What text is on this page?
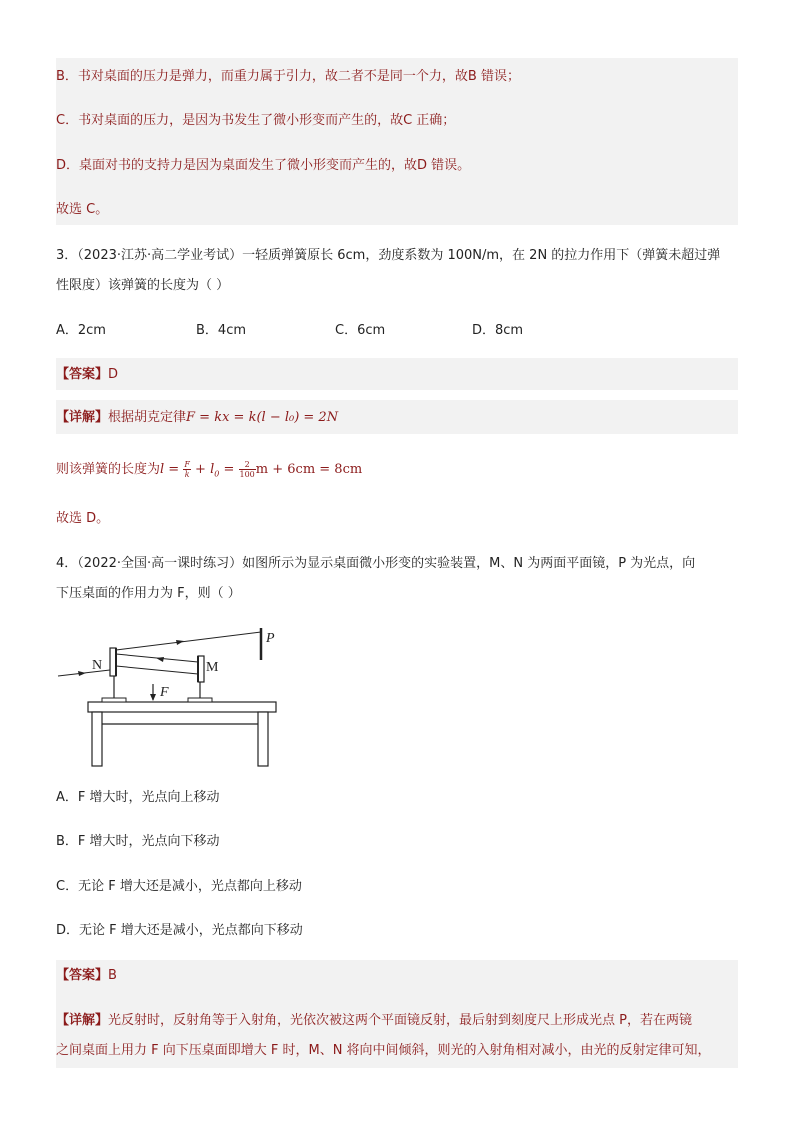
B．书对桌面的压力是弹力，而重力属于引力，故二者不是同一个力，故B 错误；
C．书对桌面的压力，是因为书发生了微小形变而产生的，故C 正确；
D．桌面对书的支持力是因为桌面发生了微小形变而产生的，故D 错误。
故选 C。
3．（2023·江苏·高二学业考试）一轻质弹簧原长 6cm，劲度系数为 100N/m，在 2N 的拉力作用下（弹簧未超过弹
性限度）该弹簧的长度为（ ）
A．2cm	B．4cm	C．6cm	D．8cm
【答案】D
【详解】根据胡克定律F = kx = k(l − l₀) = 2N
则该弹簧的长度为$l = \frac{F}{k} + l_0 = \frac{2}{100}$ m + 6cm = 8cm
故选 D。
4．（2022·全国·高一课时练习）如图所示为显示桌面微小形变的实验装置，M、N 为两面平面镜，P 为光点，向
下压桌面的作用力为 F，则（ ）
N	M
P
F
A．F 增大时，光点向上移动
B．F 增大时，光点向下移动
C．无论 F 增大还是减小，光点都向上移动
D．无论 F 增大还是减小，光点都向下移动
【答案】B
【详解】光反射时，反射角等于入射角，光依次被这两个平面镜反射，最后射到刻度尺上形成光点 P，若在两镜
之间桌面上用力 F 向下压桌面即增大 F 时，M、N 将向中间倾斜，则光的入射角相对减小，由光的反射定律可知，
